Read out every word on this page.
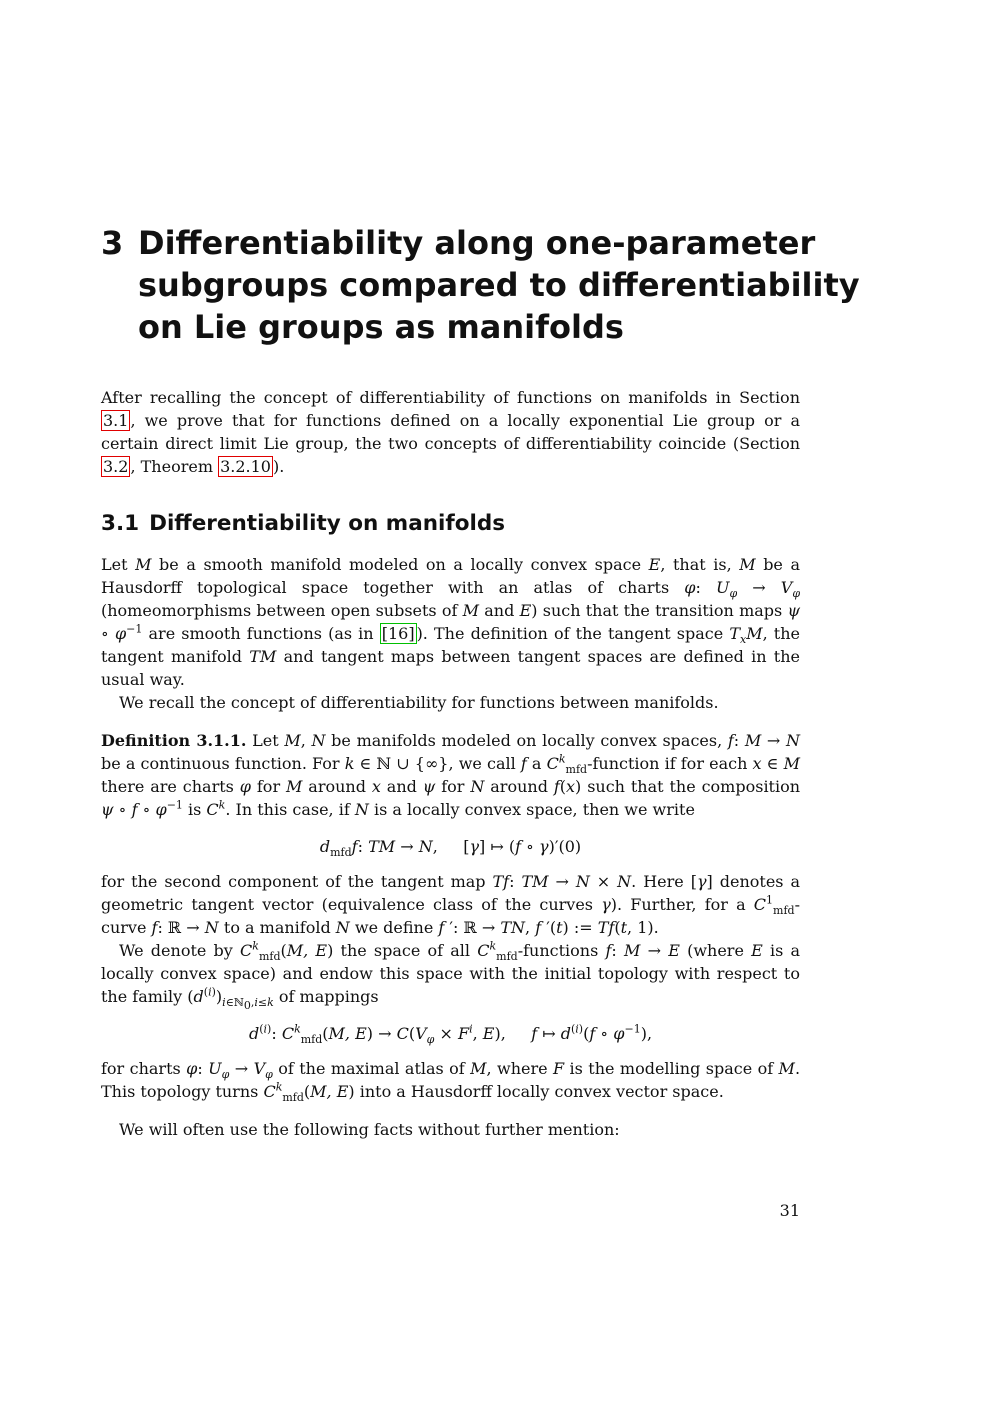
3 Differentiability along one-parameter
subgroups compared to differentiability
on Lie groups as manifolds

After recalling the concept of differentiability of functions on manifolds in Section 3.1 , we prove that for functions defined on a locally exponential Lie group or a certain direct limit Lie group, the two concepts of differentiability coincide (Section 3.2 , Theorem 3.2.10 ).

3.1 Differentiability on manifolds

Let M be a smooth manifold modeled on a locally convex space E, that is, M be a Hausdorff topological space together with an atlas of charts φ: $U_\varphi \to V_\varphi$ (homeomorphisms between open subsets of M and E) such that the transition maps ψ ∘ $\varphi^{-1}$ are smooth functions (as in [16] ). The definition of the tangent space $T_xM$, the tangent manifold TM and tangent maps between tangent spaces are defined in the usual way.

We recall the concept of differentiability for functions between manifolds.

Definition 3.1.1. Let M, N be manifolds modeled on locally convex spaces, f: M → N be a continuous function. For k ∈ ℕ ∪ {∞}, we call f a $C^k_{mfd}$-function if for each x ∈ M there are charts φ for M around x and ψ for N around f(x) such that the composition ψ ∘ f ∘ $\varphi^{-1}$ is $C^k$. In this case, if N is a locally convex space, then we write

$d_{mfd}f$: TM → N,     [γ] ↦ (f ∘ γ)′(0)

for the second component of the tangent map Tf: TM → N × N. Here [γ] denotes a geometric tangent vector (equivalence class of the curves γ). Further, for a $C^1_{mfd}$-curve f: ℝ → N to a manifold N we define f ′: ℝ → TN, f ′(t) := Tf(t, 1).

We denote by $C^k_{mfd}(M$, E) the space of all $C^k_{mfd}$-functions f: M → E (where E is a locally convex space) and endow this space with the initial topology with respect to the family $(d^{(i)})_{i\in ℕ_0,i\le k}$ of mappings

$d^{(i)}$: $C^k_{mfd}(M$, $E) \to C(V_\varphi \times F^i$, E),     f ↦ $d^{(i)}(f$ ∘ $\varphi^{-1}$),

for charts φ: $U_\varphi \to V_\varphi$ of the maximal atlas of M, where F is the modelling space of M. This topology turns $C^k_{mfd}(M$, E) into a Hausdorff locally convex vector space.

We will often use the following facts without further mention:

31
